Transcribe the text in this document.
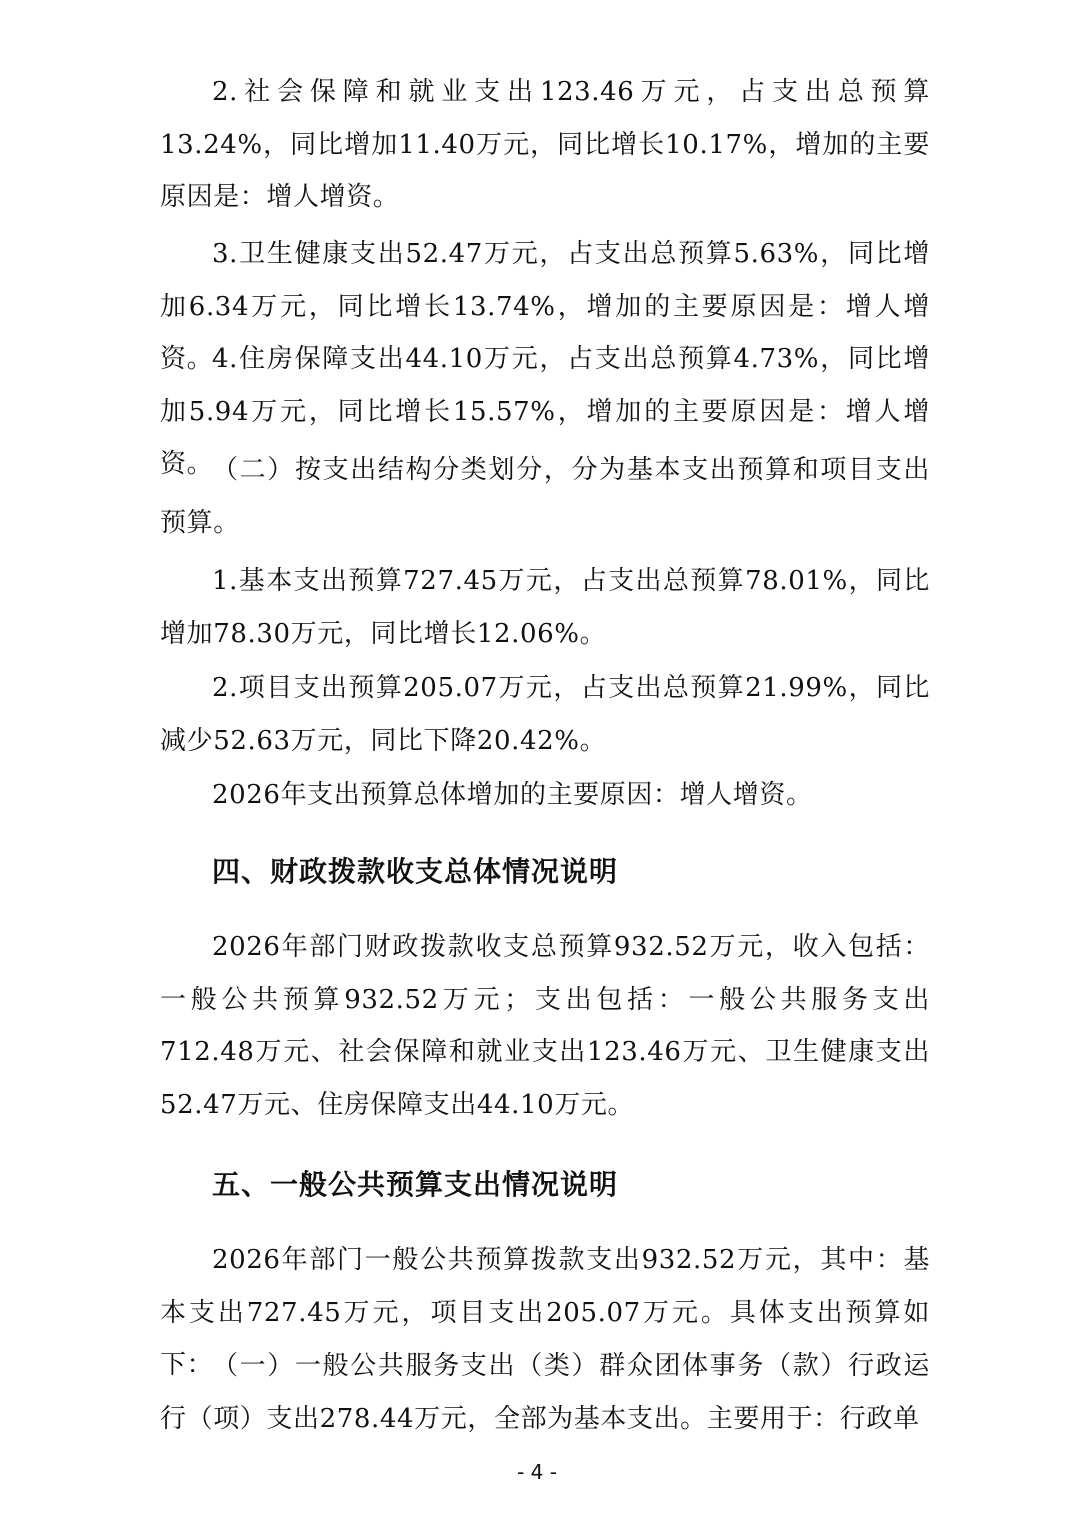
2.社会保障和就业支出123.46万元，占支出总预算13.24%，同比增加11.40万元，同比增长10.17%，增加的主要原因是：增人增资。

3.卫生健康支出52.47万元，占支出总预算5.63%，同比增加6.34万元，同比增长13.74%，增加的主要原因是：增人增资。

4.住房保障支出44.10万元，占支出总预算4.73%，同比增加5.94万元，同比增长15.57%，增加的主要原因是：增人增资。

（二）按支出结构分类划分，分为基本支出预算和项目支出预算。

1.基本支出预算727.45万元，占支出总预算78.01%，同比增加78.30万元，同比增长12.06%。

2.项目支出预算205.07万元，占支出总预算21.99%，同比减少52.63万元，同比下降20.42%。

2026年支出预算总体增加的主要原因：增人增资。

四、财政拨款收支总体情况说明

2026年部门财政拨款收支总预算932.52万元，收入包括：一般公共预算932.52万元；支出包括：一般公共服务支出712.48万元、社会保障和就业支出123.46万元、卫生健康支出52.47万元、住房保障支出44.10万元。

五、一般公共预算支出情况说明

2026年部门一般公共预算拨款支出932.52万元，其中：基本支出727.45万元，项目支出205.07万元。具体支出预算如下：

（一）一般公共服务支出（类）群众团体事务（款）行政运行（项）支出278.44万元，全部为基本支出。主要用于：行政单

- 4 -
